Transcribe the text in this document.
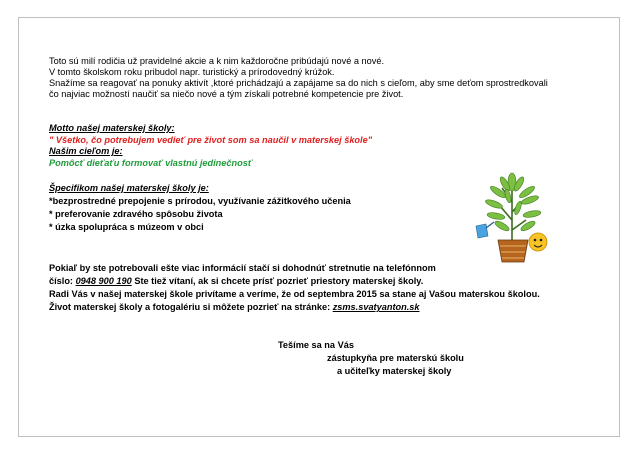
Toto sú milí rodičia už pravidelné akcie a k nim každoročne pribúdajú nové a nové.
V tomto školskom roku pribudol napr. turistický a prírodovedný krúžok.
Snažíme sa reagovať na ponuky aktivít ,ktoré prichádzajú a zapájame sa do nich s cieľom, aby sme deťom sprostredkovali
čo najviac možností naučiť sa niečo nové a tým získali potrebné kompetencie pre život.
Motto našej materskej školy:
" Všetko, čo potrebujem vedieť pre život som sa naučil v materskej škole"
Našim cieľom je:
Pomôcť dieťaťu formovať vlastnú jedinečnosť
Špecifikom našej materskej školy je:
*bezprostredné prepojenie s prírodou, využívanie zážitkového učenia
* preferovanie zdravého spôsobu života
* úzka spolupráca s múzeom v obci
Pokiaľ by ste potrebovali ešte viac informácií stačí si dohodnúť stretnutie na telefónnom
číslo: 0948 900 190 Ste tiež vítaní, ak si chcete prísť pozrieť priestory materskej školy.
Radi Vás v našej materskej škole privítame a veríme, že od septembra 2015 sa stane aj Vašou materskou školou.
Život materskej školy a fotogalériu si môžete pozrieť na stránke: zsms.svatyanton.sk
Tešíme sa na Vás
zástupkyňa pre materskú školu
a učiteľky materskej školy
